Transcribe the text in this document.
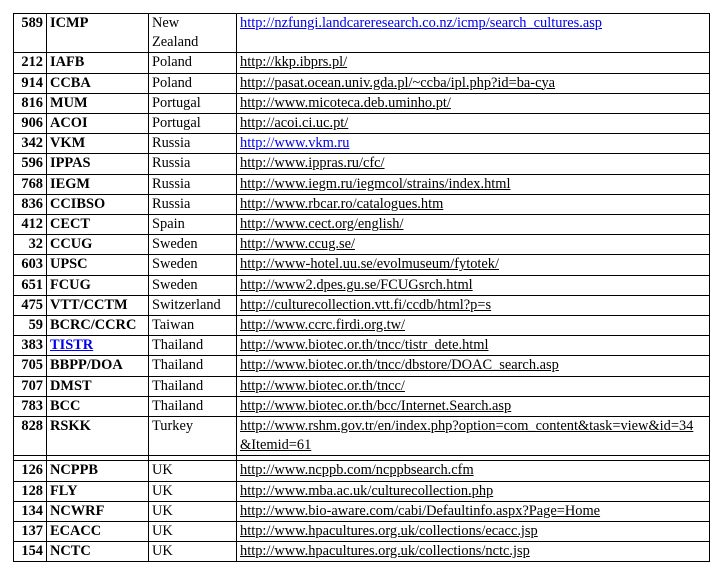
589	ICMP	New Zealand	http://nzfungi.landcareresearch.co.nz/icmp/search_cultures.asp
212	IAFB	Poland	http://kkp.ibprs.pl/
914	CCBA	Poland	http://pasat.ocean.univ.gda.pl/~ccba/ipl.php?id=ba-cya
816	MUM	Portugal	http://www.micoteca.deb.uminho.pt/
906	ACOI	Portugal	http://acoi.ci.uc.pt/
342	VKM	Russia	http://www.vkm.ru
596	IPPAS	Russia	http://www.ippras.ru/cfc/
768	IEGM	Russia	http://www.iegm.ru/iegmcol/strains/index.html
836	CCIBSO	Russia	http://www.rbcar.ro/catalogues.htm
412	CECT	Spain	http://www.cect.org/english/
32	CCUG	Sweden	http://www.ccug.se/
603	UPSC	Sweden	http://www-hotel.uu.se/evolmuseum/fytotek/
651	FCUG	Sweden	http://www2.dpes.gu.se/FCUGsrch.html
475	VTT/CCTM	Switzerland	http://culturecollection.vtt.fi/ccdb/html?p=s
59	BCRC/CCRC	Taiwan	http://www.ccrc.firdi.org.tw/
383	TISTR	Thailand	http://www.biotec.or.th/tncc/tistr_dete.html
705	BBPP/DOA	Thailand	http://www.biotec.or.th/tncc/dbstore/DOAC_search.asp
707	DMST	Thailand	http://www.biotec.or.th/tncc/
783	BCC	Thailand	http://www.biotec.or.th/bcc/Internet.Search.asp
828	RSKK	Turkey	http://www.rshm.gov.tr/en/index.php?option=com_content&task=view&id=34&Itemid=61

126	NCPPB	UK	http://www.ncppb.com/ncppbsearch.cfm
128	FLY	UK	http://www.mba.ac.uk/culturecollection.php
134	NCWRF	UK	http://www.bio-aware.com/cabi/Defaultinfo.aspx?Page=Home
137	ECACC	UK	http://www.hpacultures.org.uk/collections/ecacc.jsp
154	NCTC	UK	http://www.hpacultures.org.uk/collections/nctc.jsp
